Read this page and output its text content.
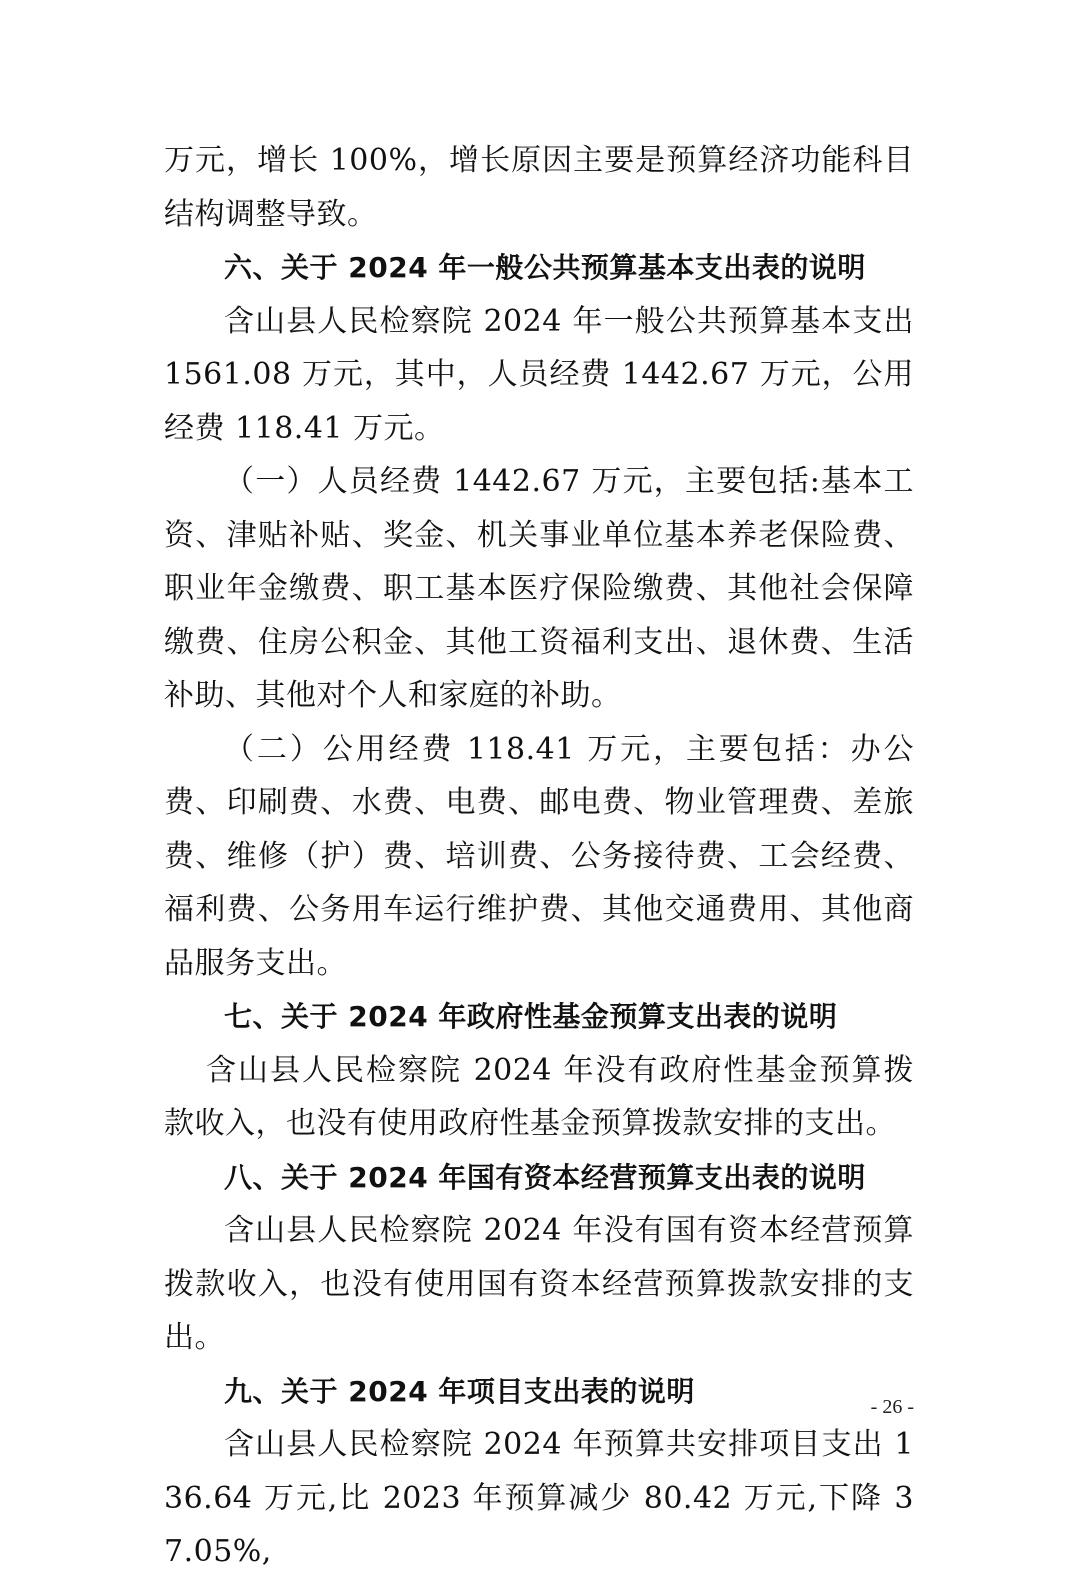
万元，增长 100%，增长原因主要是预算经济功能科目结构调整导致。

六、关于 2024 年一般公共预算基本支出表的说明

含山县人民检察院 2024 年一般公共预算基本支出 1561.08 万元，其中，人员经费 1442.67 万元，公用经费 118.41 万元。

（一）人员经费 1442.67 万元，主要包括:基本工资、津贴补贴、奖金、机关事业单位基本养老保险费、职业年金缴费、职工基本医疗保险缴费、其他社会保障缴费、住房公积金、其他工资福利支出、退休费、生活补助、其他对个人和家庭的补助。

（二）公用经费 118.41 万元，主要包括：办公费、印刷费、水费、电费、邮电费、物业管理费、差旅费、维修（护）费、培训费、公务接待费、工会经费、福利费、公务用车运行维护费、其他交通费用、其他商品服务支出。

七、关于 2024 年政府性基金预算支出表的说明

含山县人民检察院 2024 年没有政府性基金预算拨款收入，也没有使用政府性基金预算拨款安排的支出。

八、关于 2024 年国有资本经营预算支出表的说明

含山县人民检察院 2024 年没有国有资本经营预算拨款收入，也没有使用国有资本经营预算拨款安排的支出。

九、关于 2024 年项目支出表的说明

含山县人民检察院 2024 年预算共安排项目支出 136.64 万元,比 2023 年预算减少 80.42 万元,下降 37.05%,

- 26 -
